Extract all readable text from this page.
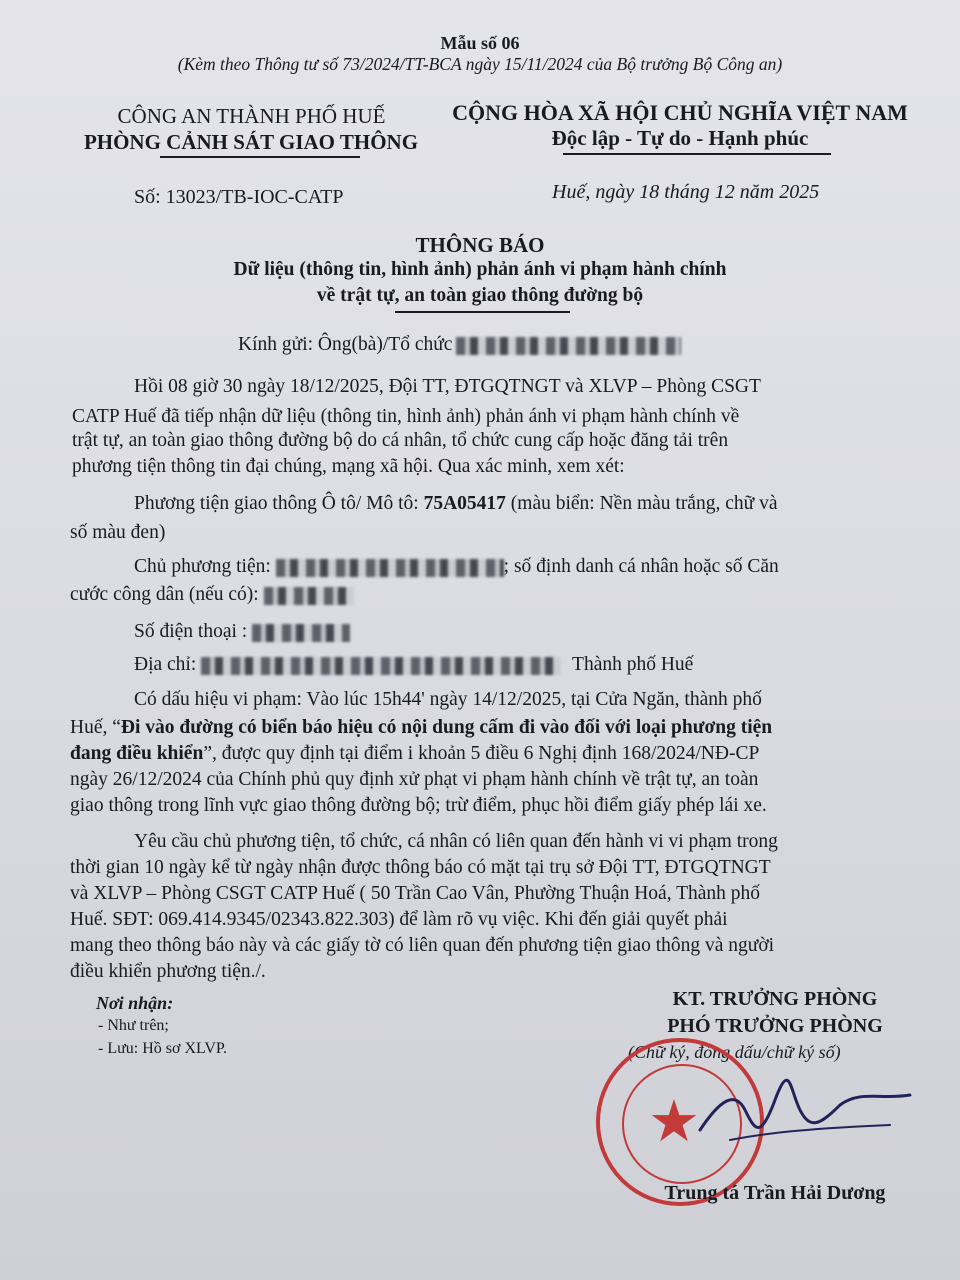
Mẫu số 06
(Kèm theo Thông tư số 73/2024/TT-BCA ngày 15/11/2024 của Bộ trưởng Bộ Công an)
CÔNG AN THÀNH PHỐ HUẾ
PHÒNG CẢNH SÁT GIAO THÔNG
CỘNG HÒA XÃ HỘI CHỦ NGHĨA VIỆT NAM
Độc lập - Tự do - Hạnh phúc
Số: 13023/TB-IOC-CATP	Huế, ngày 18 tháng 12 năm 2025
THÔNG BÁO
Dữ liệu (thông tin, hình ảnh) phản ánh vi phạm hành chính
về trật tự, an toàn giao thông đường bộ
Kính gửi: Ông(bà)/Tổ chức
Hồi 08 giờ 30 ngày 18/12/2025, Đội TT, ĐTGQTNGT và XLVP – Phòng CSGT
CATP Huế đã tiếp nhận dữ liệu (thông tin, hình ảnh) phản ánh vi phạm hành chính về
trật tự, an toàn giao thông đường bộ do cá nhân, tổ chức cung cấp hoặc đăng tải trên
phương tiện thông tin đại chúng, mạng xã hội. Qua xác minh, xem xét:
Phương tiện giao thông Ô tô/ Mô tô: 75A05417 (màu biển: Nền màu trắng, chữ và
số màu đen)
Chủ phương tiện:	; số định danh cá nhân hoặc số Căn
cước công dân (nếu có):
Số điện thoại :
Địa chỉ:	Thành phố Huế
Có dấu hiệu vi phạm: Vào lúc 15h44' ngày 14/12/2025, tại Cửa Ngăn, thành phố
Huế, “Đi vào đường có biển báo hiệu có nội dung cấm đi vào đối với loại phương tiện
đang điều khiển”, được quy định tại điểm i khoản 5 điều 6 Nghị định 168/2024/NĐ-CP
ngày 26/12/2024 của Chính phủ quy định xử phạt vi phạm hành chính về trật tự, an toàn
giao thông trong lĩnh vực giao thông đường bộ; trừ điểm, phục hồi điểm giấy phép lái xe.
Yêu cầu chủ phương tiện, tổ chức, cá nhân có liên quan đến hành vi vi phạm trong
thời gian 10 ngày kể từ ngày nhận được thông báo có mặt tại trụ sở Đội TT, ĐTGQTNGT
và XLVP – Phòng CSGT CATP Huế ( 50 Trần Cao Vân, Phường Thuận Hoá, Thành phố
Huế. SĐT: 069.414.9345/02343.822.303) để làm rõ vụ việc. Khi đến giải quyết phải
mang theo thông báo này và các giấy tờ có liên quan đến phương tiện giao thông và người
điều khiển phương tiện./.
Nơi nhận:
- Như trên;
- Lưu: Hồ sơ XLVP.
KT. TRƯỞNG PHÒNG
PHÓ TRƯỞNG PHÒNG
(Chữ ký, đóng dấu/chữ ký số)
★
Trung tá Trần Hải Dương
